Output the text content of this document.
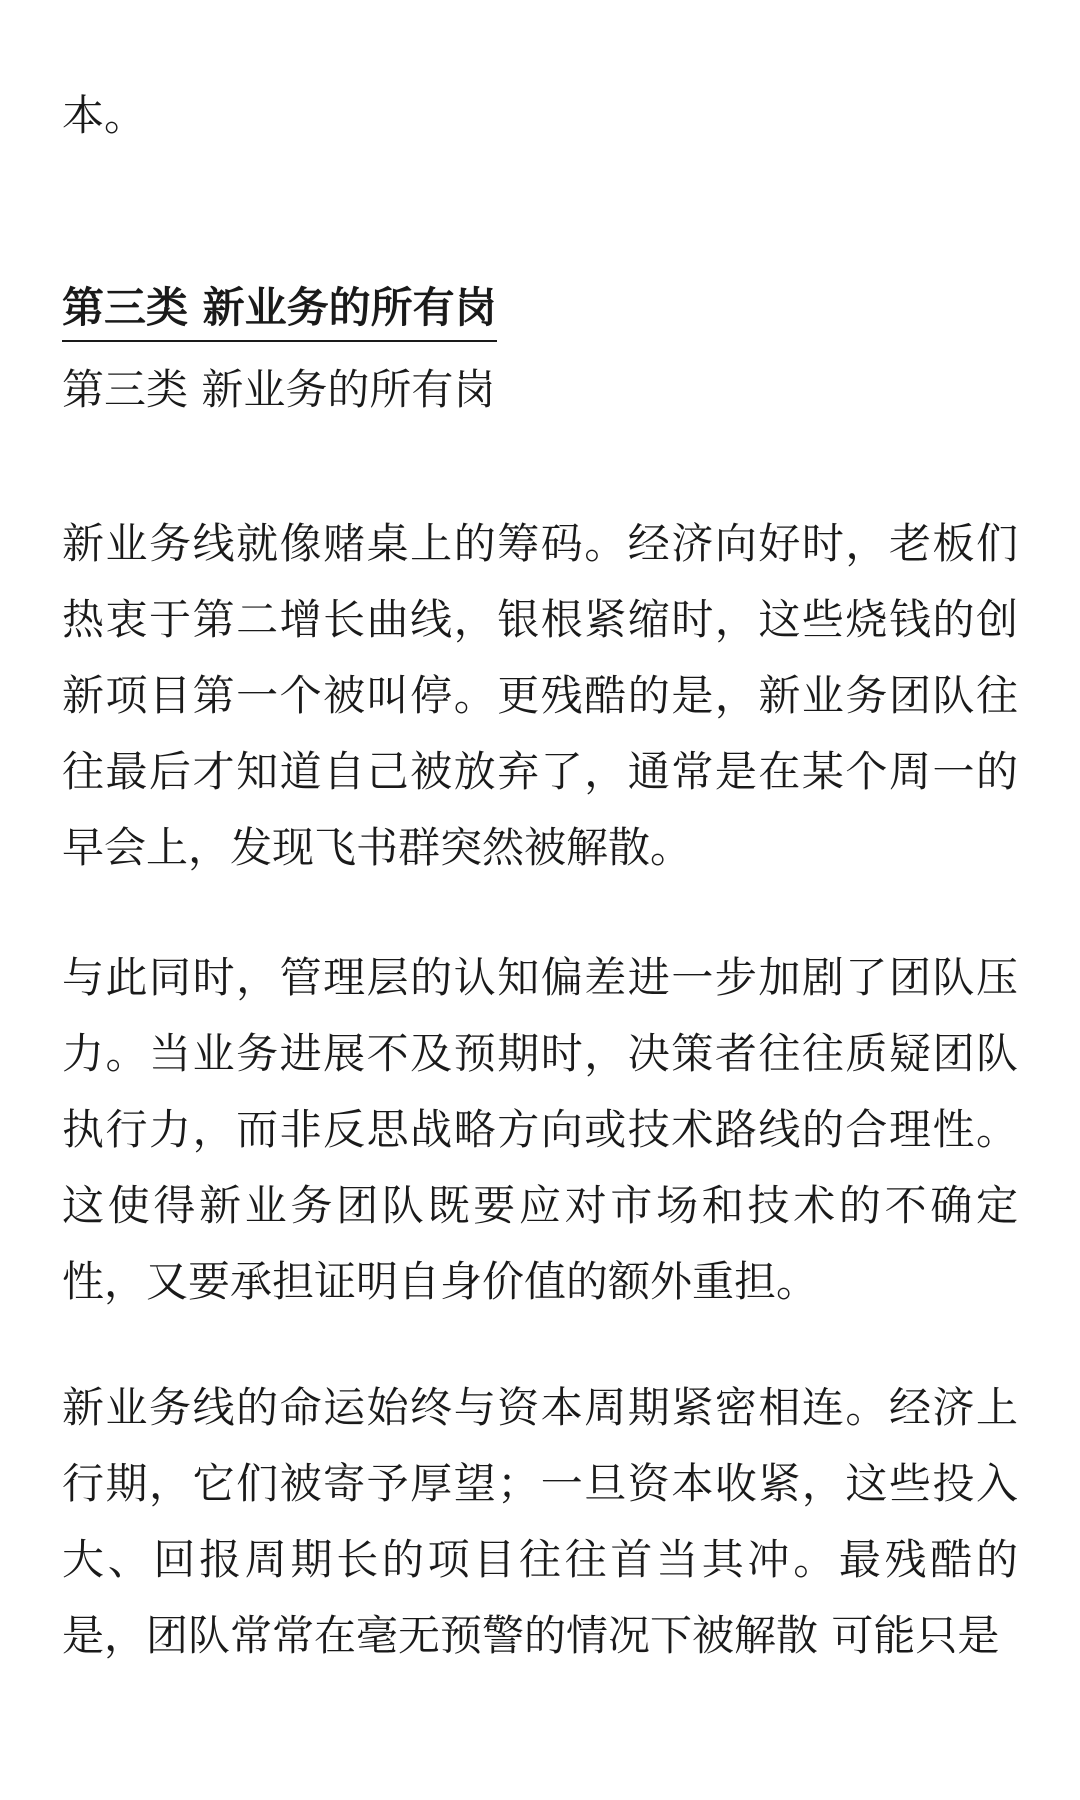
本。

第三类 新业务的所有岗

第三类 新业务的所有岗

新业务线就像赌桌上的筹码。经济向好时，老板们热衷于第二增长曲线，银根紧缩时，这些烧钱的创新项目第一个被叫停。更残酷的是，新业务团队往往最后才知道自己被放弃了，通常是在某个周一的早会上，发现飞书群突然被解散。

与此同时，管理层的认知偏差进一步加剧了团队压力。当业务进展不及预期时，决策者往往质疑团队执行力，而非反思战略方向或技术路线的合理性。这使得新业务团队既要应对市场和技术的不确定性，又要承担证明自身价值的额外重担。

新业务线的命运始终与资本周期紧密相连。经济上行期，它们被寄予厚望；一旦资本收紧，这些投入大、回报周期长的项目往往首当其冲。最残酷的是，团队常常在毫无预警的情况下被解散 可能只是
